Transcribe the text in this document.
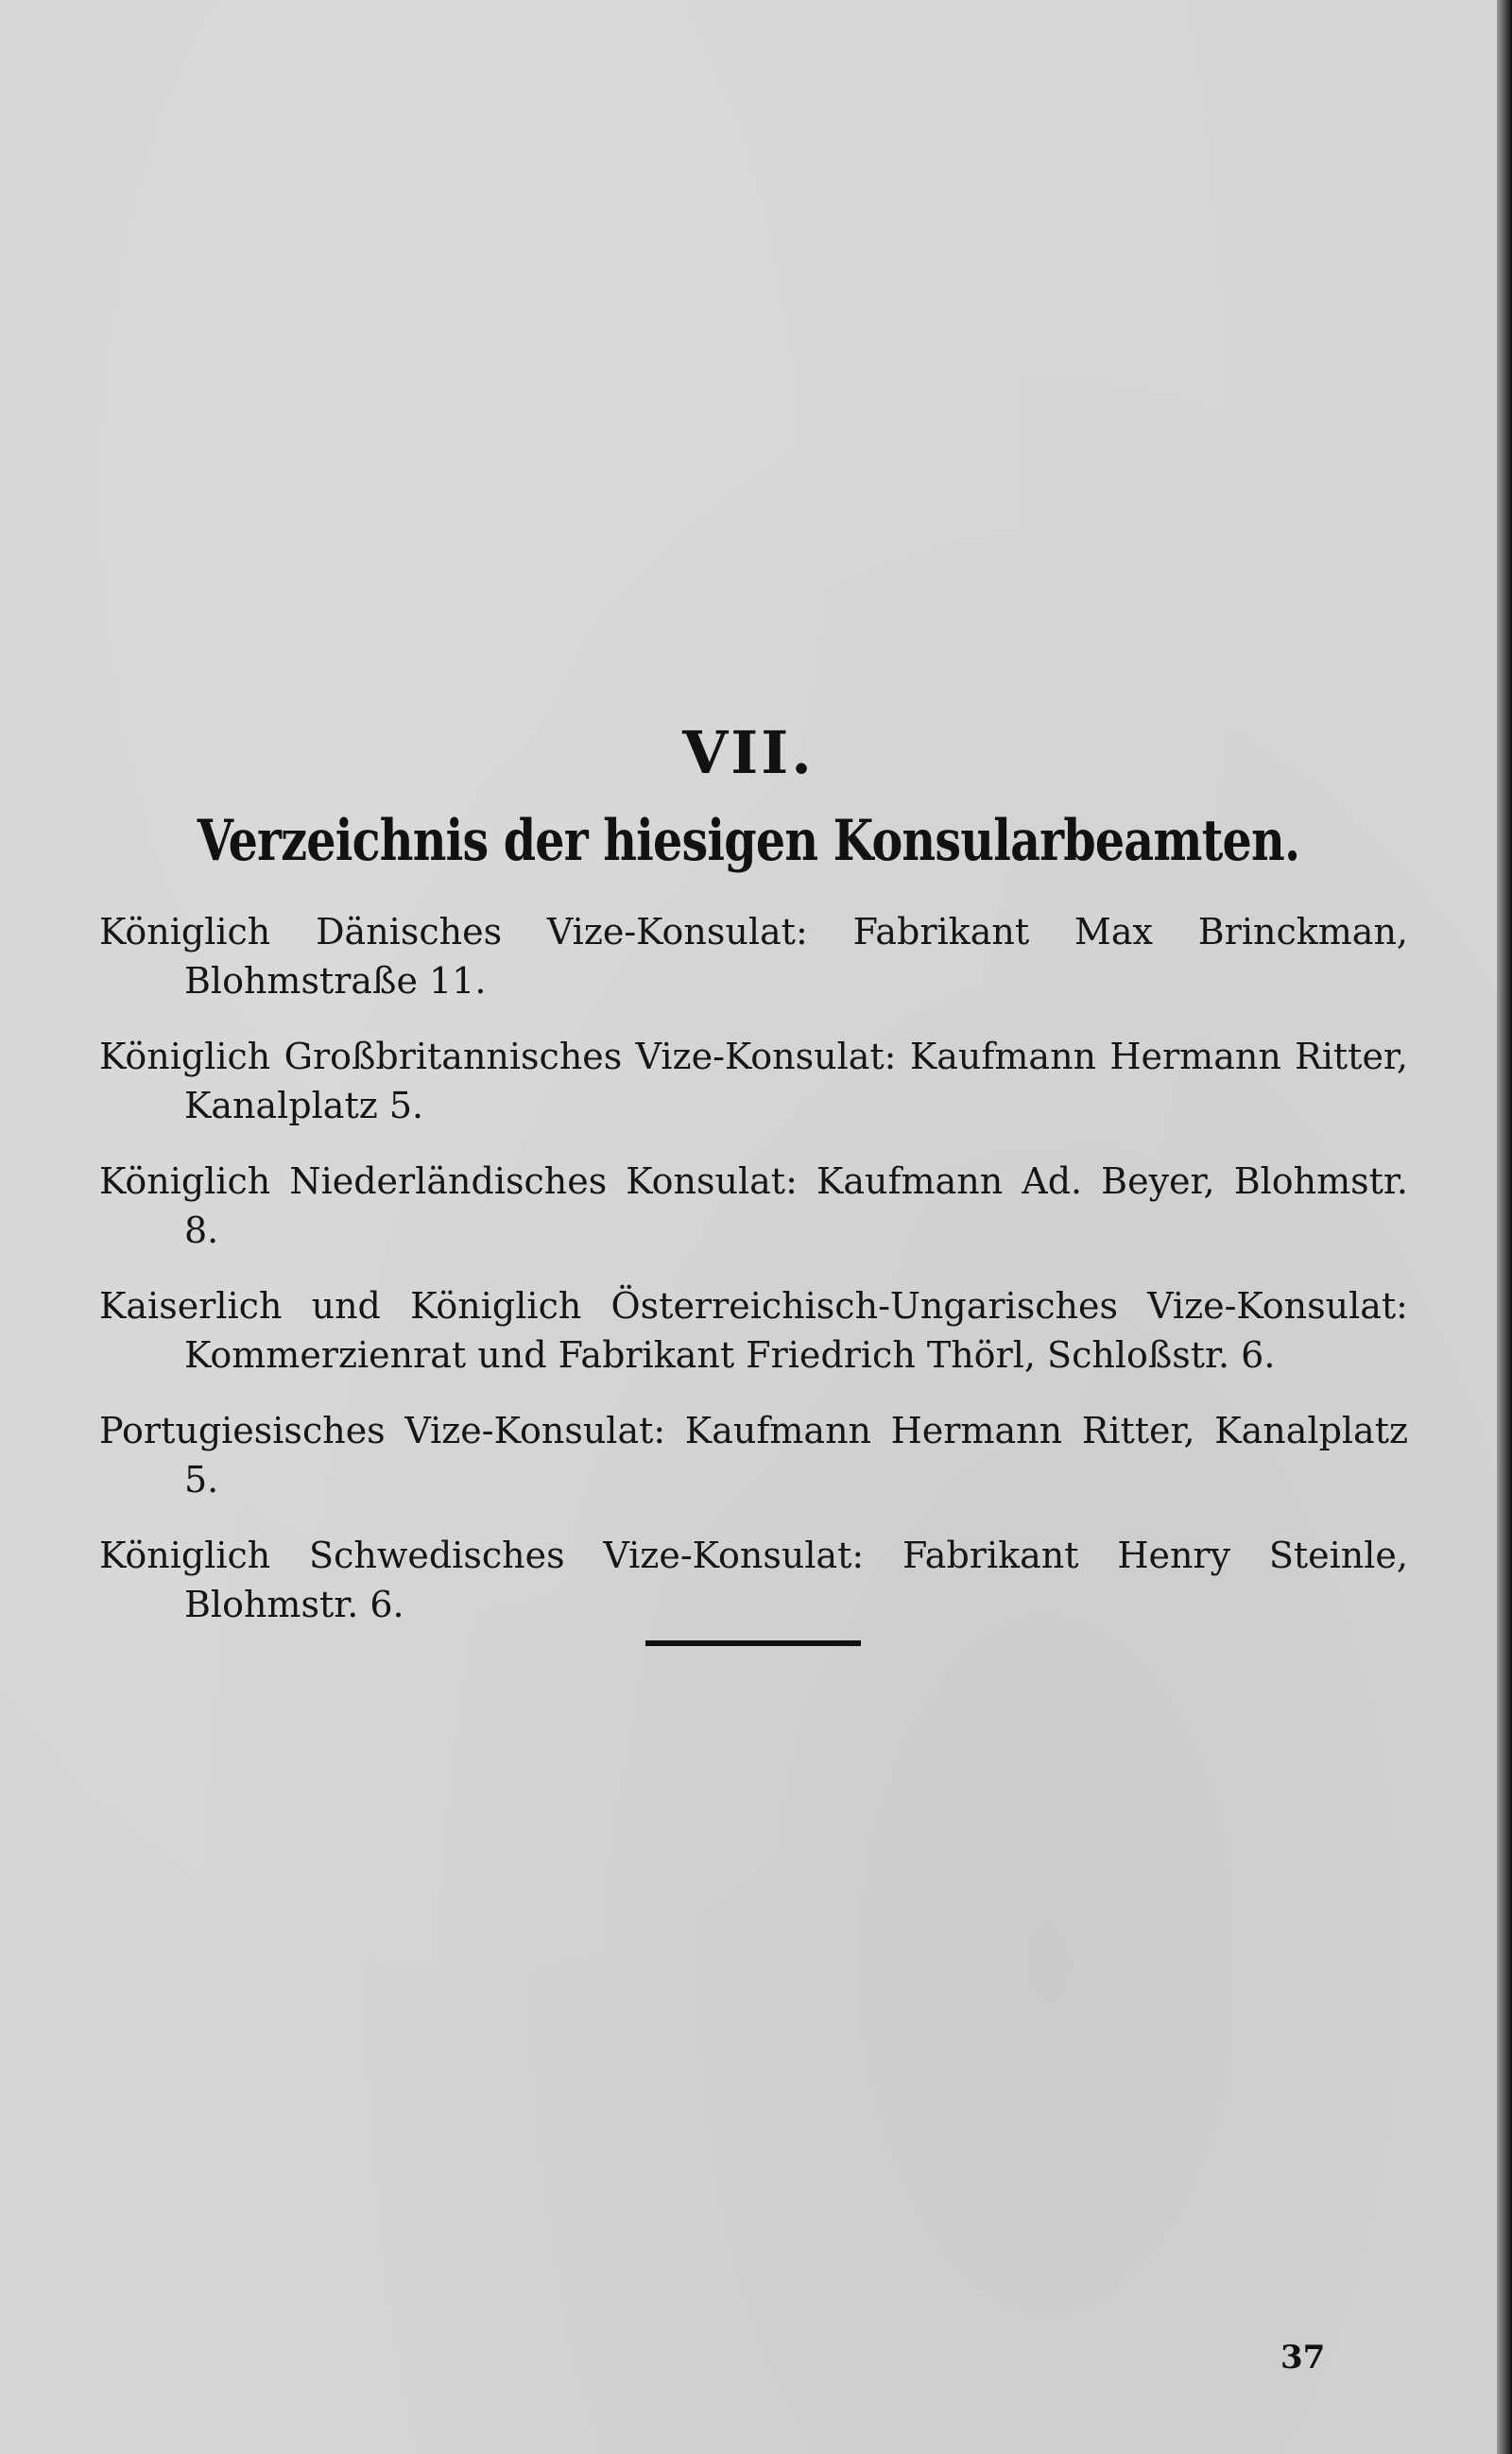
VII.
Verzeichnis der hiesigen Konsularbeamten.

Königlich Dänisches Vize-Konsulat: Fabrikant Max Brinckman, Blohmstraße 11.

Königlich Großbritannisches Vize-Konsulat: Kaufmann Hermann Ritter, Kanalplatz 5.

Königlich Niederländisches Konsulat: Kaufmann Ad. Beyer, Blohmstr. 8.

Kaiserlich und Königlich Österreichisch-Ungarisches Vize-Konsulat: Kommerzienrat und Fabrikant Friedrich Thörl, Schloßstr. 6.

Portugiesisches Vize-Konsulat: Kaufmann Hermann Ritter, Kanalplatz 5.

Königlich Schwedisches Vize-Konsulat: Fabrikant Henry Steinle, Blohmstr. 6.

37
